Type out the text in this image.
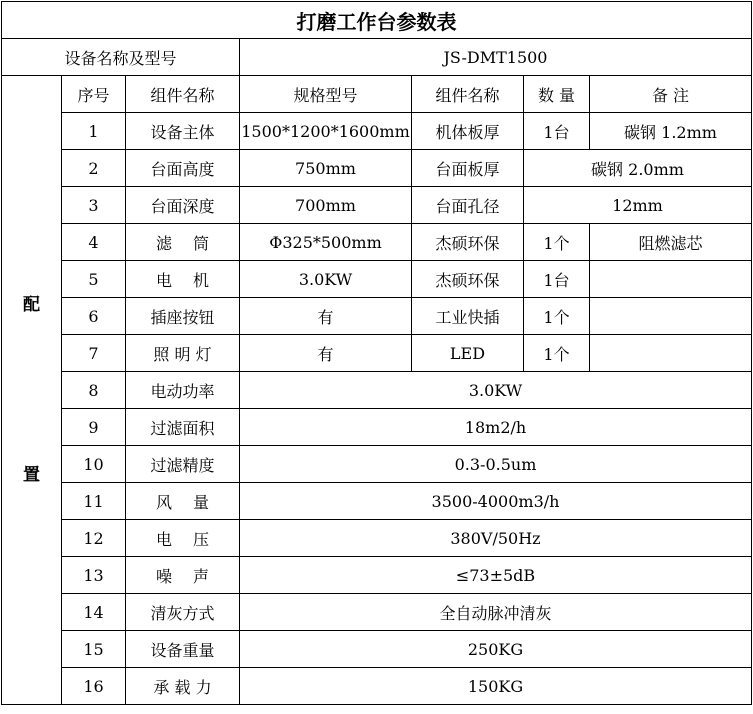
打磨工作台参数表						
设备名称及型号			JS-DMT1500			

配
置	序号	组件名称	规格型号	组件名称	数 量	备 注
	1	设备主体	1500*1200*1600mm	机体板厚	1台	碳钢 1.2mm
	2	台面高度	750mm	台面板厚	碳钢 2.0mm	
	3	台面深度	700mm	台面孔径	12mm	
	4	滤　 筒	Φ325*500mm	杰硕环保	1个	阻燃滤芯
	5	电　 机	3.0KW	杰硕环保	1台	
	6	插座按钮	有	工业快插	1个	
	7	照 明 灯	有	LED	1个	
	8	电动功率	3.0KW			
	9	过滤面积	18m2/h			
	10	过滤精度	0.3-0.5um			
	11	风　 量	3500-4000m3/h			
	12	电　 压	380V/50Hz			
	13	噪　 声	≤73±5dB			
	14	清灰方式	全自动脉冲清灰			
	15	设备重量	250KG			
	16	承 载 力	150KG			
